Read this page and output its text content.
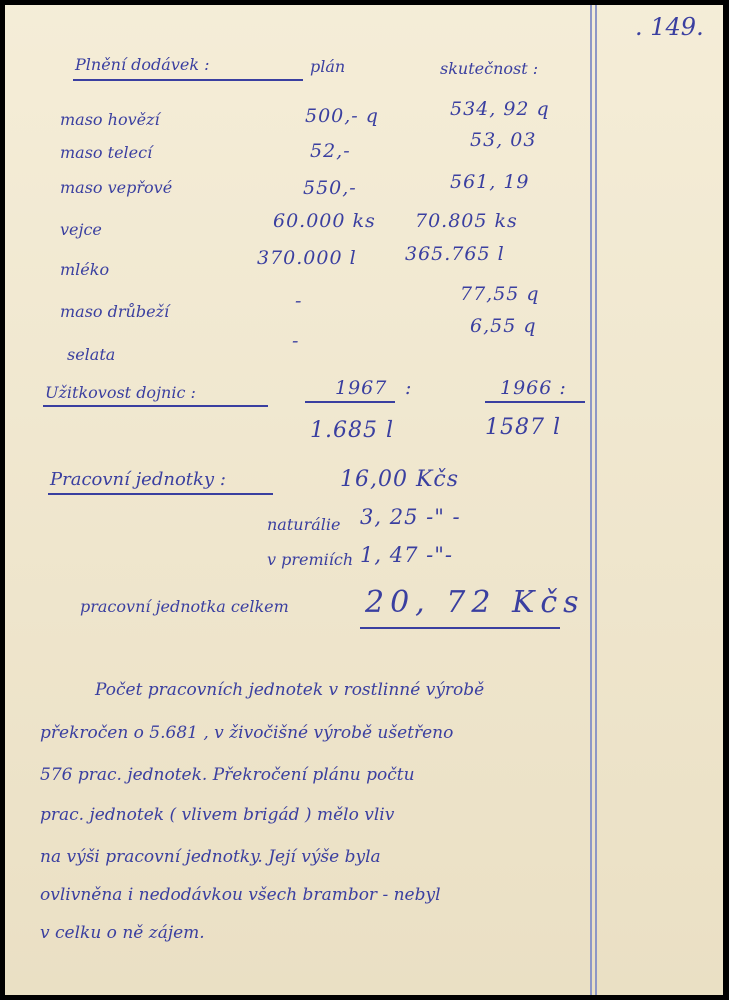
. 149.
Plnění dodávek :	plán	skutečnost :
maso hovězí	500,- q	534, 92 q
maso telecí	52,-	53, 03
maso vepřové	550,-	561, 19
vejce	60.000 ks 70.805 ks
mléko
370.000 l	365.765 l
maso drůbeží	-	77,55 q
selata
-
6,55 q
Užitkovost dojnic :	1967 :	1966 :
1.685 l	1587 l
Pracovní jednotky :	16,00 Kčs
naturálie 3, 25 -" -
v premiích 1, 47 -"-
pracovní jednotka celkem	20, 72 Kčs
Počet pracovních jednotek v rostlinné výrobě
překročen o 5.681 , v živočišné výrobě ušetřeno
576 prac. jednotek. Překročení plánu počtu
prac. jednotek ( vlivem brigád ) mělo vliv
na výši pracovní jednotky. Její výše byla
ovlivněna i nedodávkou všech brambor - nebyl
v celku o ně zájem.
